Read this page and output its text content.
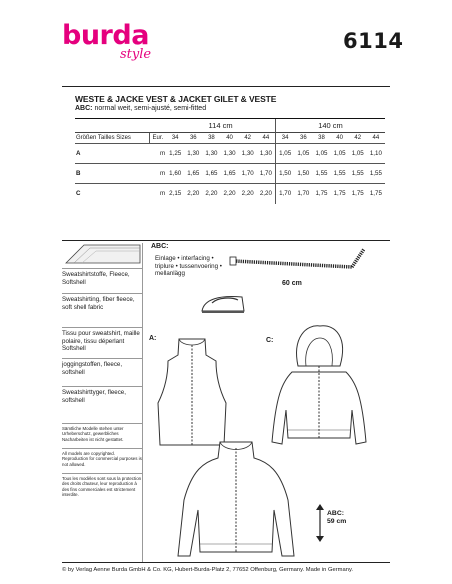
burda
style
6114
WESTE & JACKE VEST & JACKET GILET & VESTE
ABC: normal weit, semi-ajusté, semi-fitted
		114 cm						140 cm					
Größen Tailles Sizes	Eur.	34	36	38	40	42	44	34	36	38	40	42	44
A	m	1,25	1,30	1,30	1,30	1,30	1,30	1,05	1,05	1,05	1,05	1,05	1,10
B	m	1,60	1,65	1,65	1,65	1,70	1,70	1,50	1,50	1,55	1,55	1,55	1,55
C	m	2,15	2,20	2,20	2,20	2,20	2,20	1,70	1,70	1,75	1,75	1,75	1,75
Sweatshirtstoffe, Fleece, Softshell
Sweatshirting, fiber fleece, soft shell fabric
Tissu pour sweatshirt, maille polaire, tissu déperlant Softshell
joggingstoffen, fleece, softshell
Sweatshirttyger, fleece, softshell
Sämtliche Modelle stehen unter Urheberschutz, gewerbliches Nacharbeiten ist nicht gestattet.
All models are copyrighted. Reproduction for commercial purposes is not allowed.
Tous les modèles sont sous la protection des droits d'auteur, leur reproduction à des fins commerciales est strictement interdite.
ABC:
Einlage • interfacing •
triplure • tussenvoering •
mellanlägg
60 cm
A:	C:
ABC:
59 cm
© by Verlag Aenne Burda GmbH & Co. KG, Hubert-Burda-Platz 2, 77652 Offenburg, Germany. Made in Germany.
